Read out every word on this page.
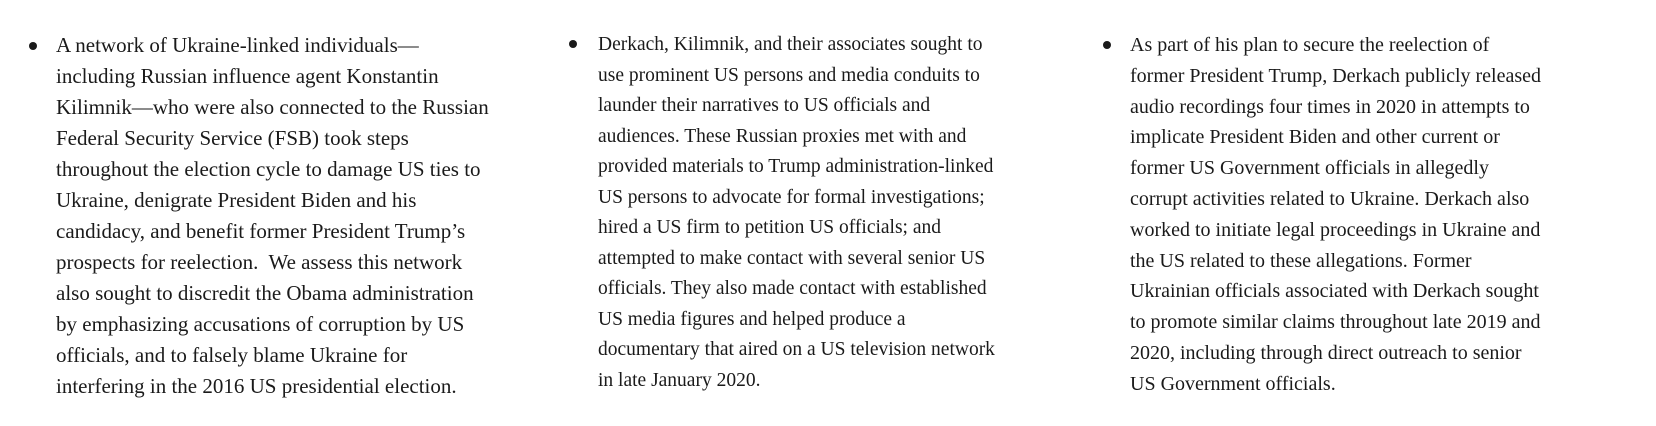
A network of Ukraine-linked individuals—
including Russian influence agent Konstantin
Kilimnik—who were also connected to the Russian
Federal Security Service (FSB) took steps
throughout the election cycle to damage US ties to
Ukraine, denigrate President Biden and his
candidacy, and benefit former President Trump’s
prospects for reelection.  We assess this network
also sought to discredit the Obama administration
by emphasizing accusations of corruption by US
officials, and to falsely blame Ukraine for
interfering in the 2016 US presidential election.
Derkach, Kilimnik, and their associates sought to
use prominent US persons and media conduits to
launder their narratives to US officials and
audiences. These Russian proxies met with and
provided materials to Trump administration-linked
US persons to advocate for formal investigations;
hired a US firm to petition US officials; and
attempted to make contact with several senior US
officials. They also made contact with established
US media figures and helped produce a
documentary that aired on a US television network
in late January 2020.
As part of his plan to secure the reelection of
former President Trump, Derkach publicly released
audio recordings four times in 2020 in attempts to
implicate President Biden and other current or
former US Government officials in allegedly
corrupt activities related to Ukraine. Derkach also
worked to initiate legal proceedings in Ukraine and
the US related to these allegations. Former
Ukrainian officials associated with Derkach sought
to promote similar claims throughout late 2019 and
2020, including through direct outreach to senior
US Government officials.
